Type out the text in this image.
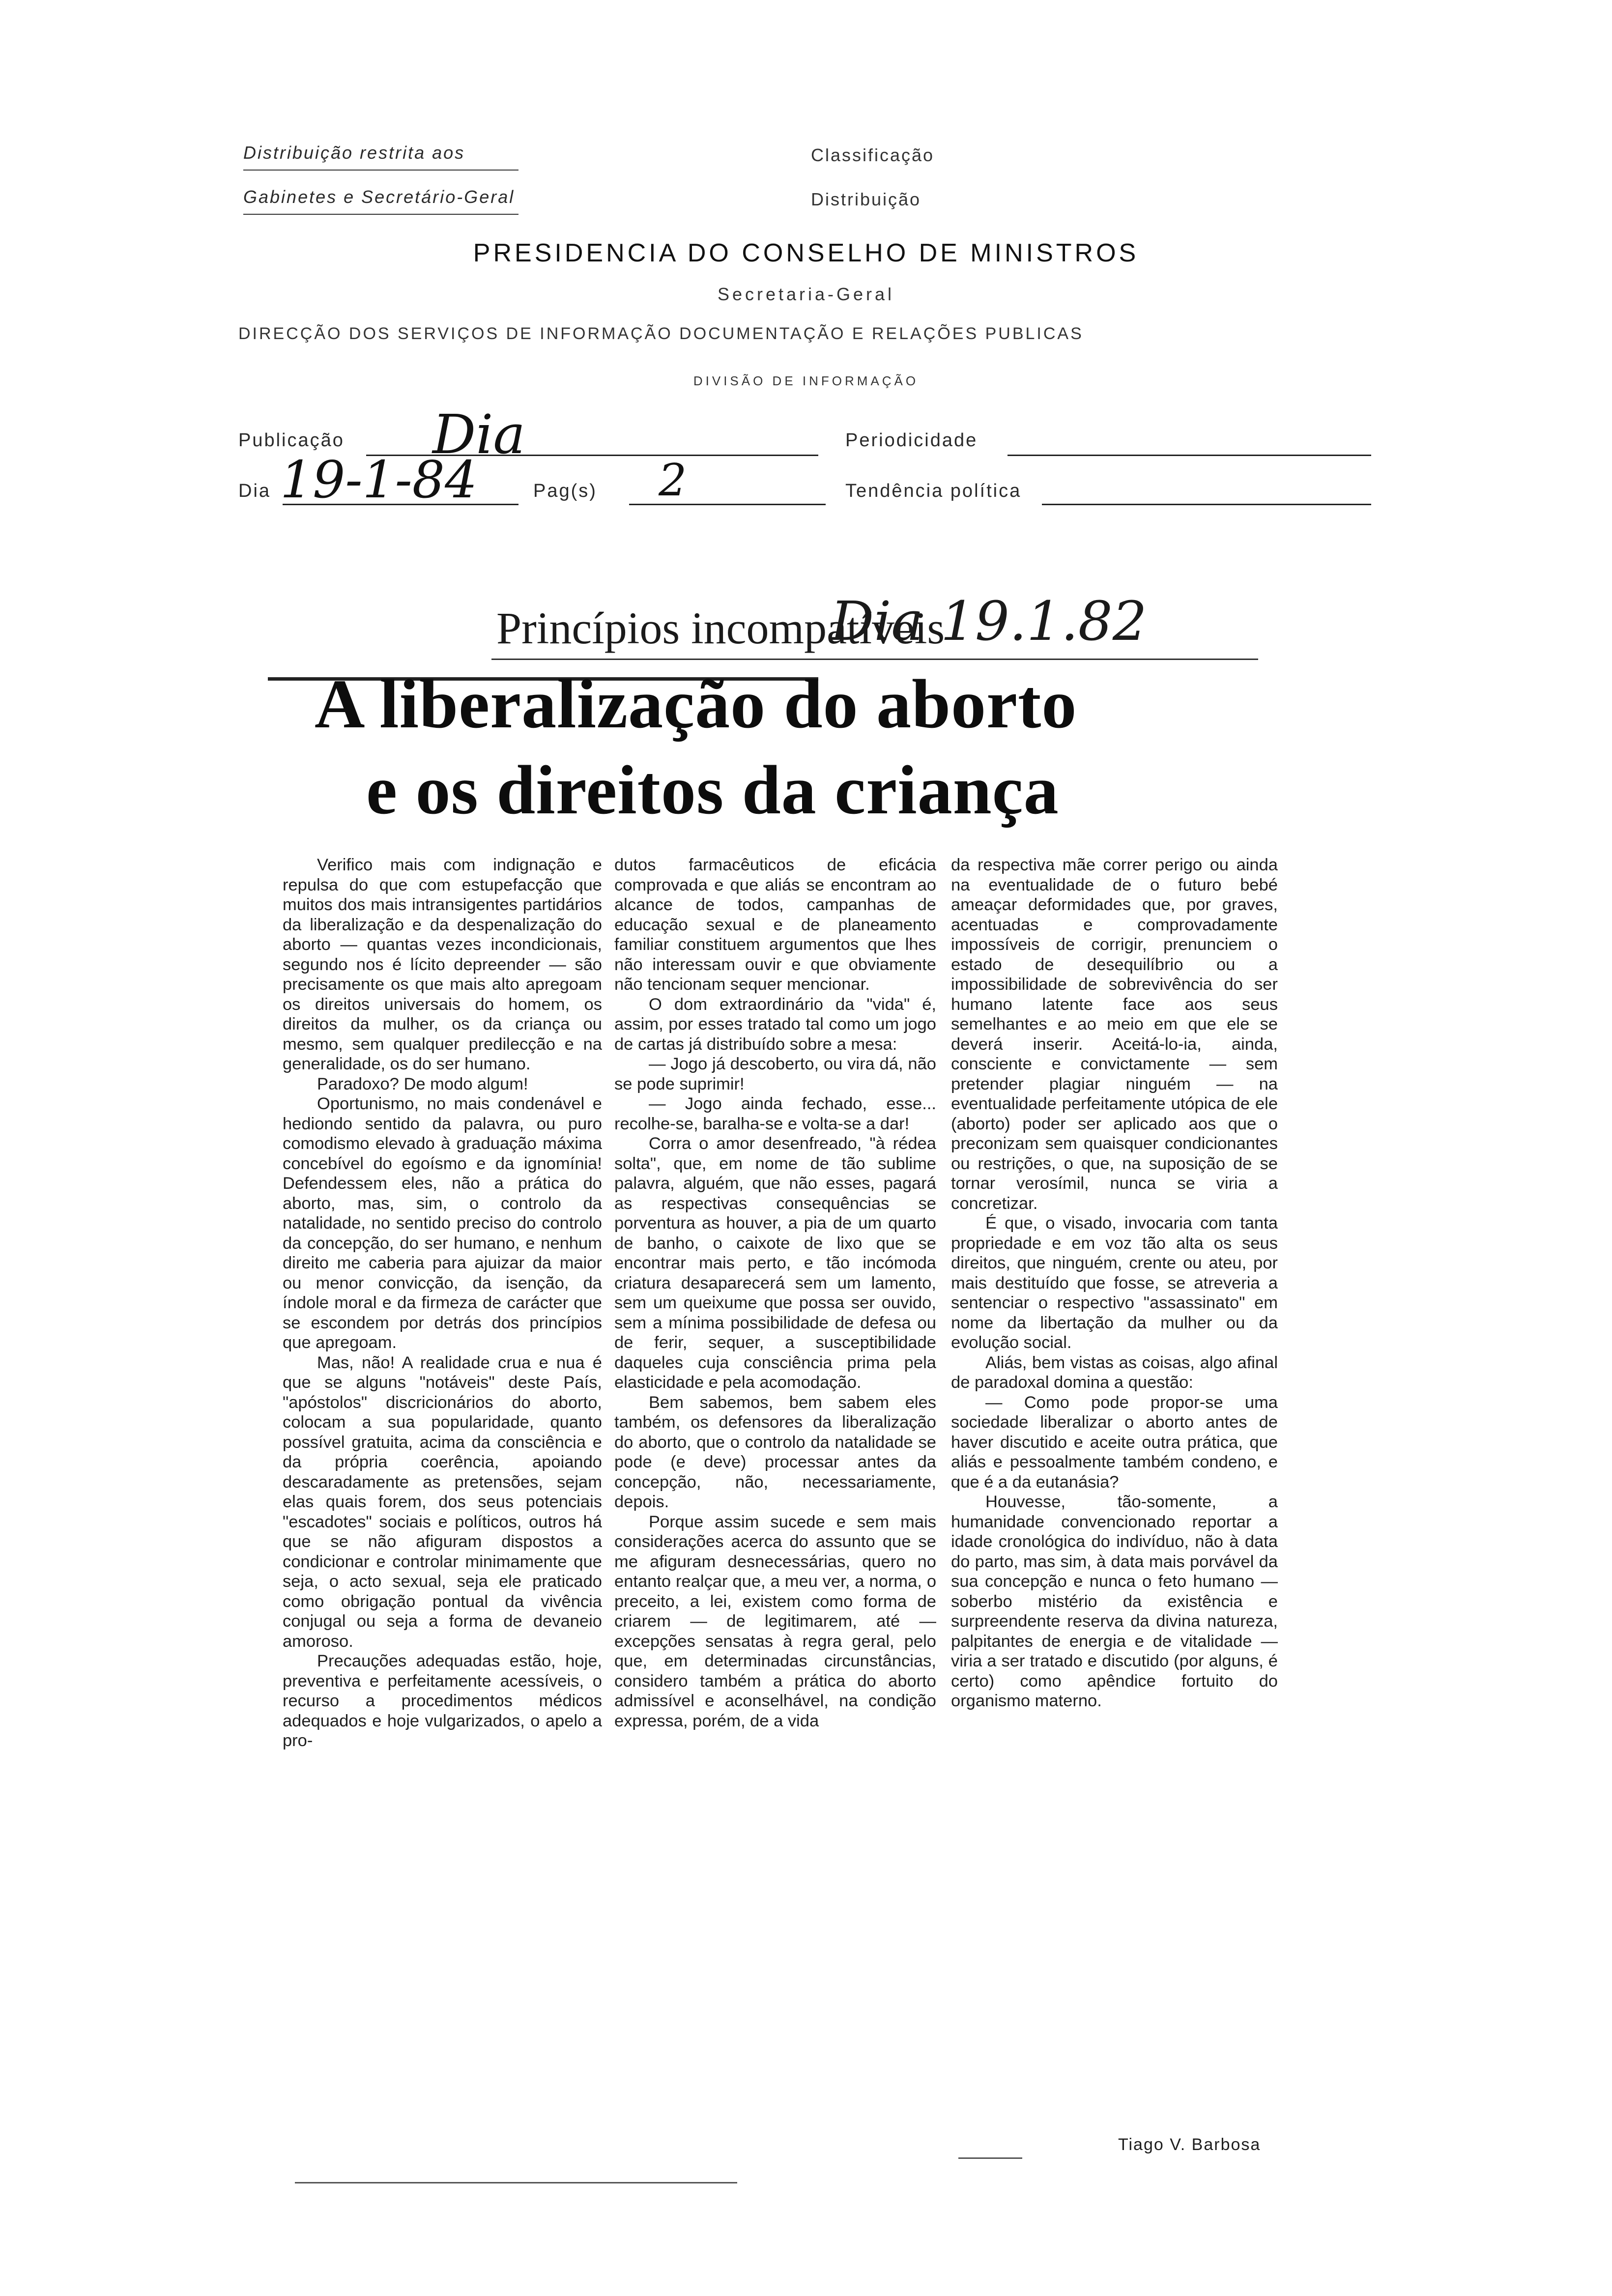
Distribuição restrita aos
Gabinetes e Secretário-Geral
Classificação
Distribuição
PRESIDENCIA DO CONSELHO DE MINISTROS
Secretaria-Geral
DIRECÇÃO DOS SERVIÇOS DE INFORMAÇÃO DOCUMENTAÇÃO E RELAÇÕES PUBLICAS
DIVISÃO DE INFORMAÇÃO
Publicação Dia	Periodicidade
Dia 19-1-84	Pag(s) 2	Tendência política
Princípios incompatíveis
Dia 19.1.82
A liberalização do aborto
e os direitos da criança

Verifico mais com indignação e repulsa do que com estupefacção que muitos dos mais intransigentes partidários da liberalização e da despenalização do aborto — quantas vezes incondicionais, segundo nos é lícito depreender — são precisamente os que mais alto apregoam os direitos universais do homem, os direitos da mulher, os da criança ou mesmo, sem qualquer predilecção e na generalidade, os do ser humano.

Paradoxo? De modo algum!

Oportunismo, no mais condenável e hediondo sentido da palavra, ou puro comodismo elevado à graduação máxima concebível do egoísmo e da ignomínia! Defendessem eles, não a prática do aborto, mas, sim, o controlo da natalidade, no sentido preciso do controlo da concepção, do ser humano, e nenhum direito me caberia para ajuizar da maior ou menor convicção, da isenção, da índole moral e da firmeza de carácter que se escondem por detrás dos princípios que apregoam.

Mas, não! A realidade crua e nua é que se alguns "notáveis" deste País, "apóstolos" discricionários do aborto, colocam a sua popularidade, quanto possível gratuita, acima da consciência e da própria coerência, apoiando descaradamente as pretensões, sejam elas quais forem, dos seus potenciais "escadotes" sociais e políticos, outros há que se não afiguram dispostos a condicionar e controlar minimamente que seja, o acto sexual, seja ele praticado como obrigação pontual da vivência conjugal ou seja a forma de devaneio amoroso.

Precauções adequadas estão, hoje, preventiva e perfeitamente acessíveis, o recurso a procedimentos médicos adequados e hoje vulgarizados, o apelo a pro-

dutos farmacêuticos de eficácia comprovada e que aliás se encontram ao alcance de todos, campanhas de educação sexual e de planeamento familiar constituem argumentos que lhes não interessam ouvir e que obviamente não tencionam sequer mencionar.

O dom extraordinário da "vida" é, assim, por esses tratado tal como um jogo de cartas já distribuído sobre a mesa:

— Jogo já descoberto, ou vira dá, não se pode suprimir!

— Jogo ainda fechado, esse... recolhe-se, baralha-se e volta-se a dar!

Corra o amor desenfreado, "à rédea solta", que, em nome de tão sublime palavra, alguém, que não esses, pagará as respectivas consequências se porventura as houver, a pia de um quarto de banho, o caixote de lixo que se encontrar mais perto, e tão incómoda criatura desaparecerá sem um lamento, sem um queixume que possa ser ouvido, sem a mínima possibilidade de defesa ou de ferir, sequer, a susceptibilidade daqueles cuja consciência prima pela elasticidade e pela acomodação.

Bem sabemos, bem sabem eles também, os defensores da liberalização do aborto, que o controlo da natalidade se pode (e deve) processar antes da concepção, não, necessariamente, depois.

Porque assim sucede e sem mais considerações acerca do assunto que se me afiguram desnecessárias, quero no entanto realçar que, a meu ver, a norma, o preceito, a lei, existem como forma de criarem — de legitimarem, até — excepções sensatas à regra geral, pelo que, em determinadas circunstâncias, considero também a prática do aborto admissível e aconselhável, na condição expressa, porém, de a vida

da respectiva mãe correr perigo ou ainda na eventualidade de o futuro bebé ameaçar deformidades que, por graves, acentuadas e comprovadamente impossíveis de corrigir, prenunciem o estado de desequilíbrio ou a impossibilidade de sobrevivência do ser humano latente face aos seus semelhantes e ao meio em que ele se deverá inserir. Aceitá-lo-ia, ainda, consciente e convictamente — sem pretender plagiar ninguém — na eventualidade perfeitamente utópica de ele (aborto) poder ser aplicado aos que o preconizam sem quaisquer condicionantes ou restrições, o que, na suposição de se tornar verosímil, nunca se viria a concretizar.

É que, o visado, invocaria com tanta propriedade e em voz tão alta os seus direitos, que ninguém, crente ou ateu, por mais destituído que fosse, se atreveria a sentenciar o respectivo "assassinato" em nome da libertação da mulher ou da evolução social.

Aliás, bem vistas as coisas, algo afinal de paradoxal domina a questão:

— Como pode propor-se uma sociedade liberalizar o aborto antes de haver discutido e aceite outra prática, que aliás e pessoalmente também condeno, e que é a da eutanásia?

Houvesse, tão-somente, a humanidade convencionado reportar a idade cronológica do indivíduo, não à data do parto, mas sim, à data mais porvável da sua concepção e nunca o feto humano — soberbo mistério da existência e surpreendente reserva da divina natureza, palpitantes de energia e de vitalidade — viria a ser tratado e discutido (por alguns, é certo) como apêndice fortuito do organismo materno.

Tiago V. Barbosa
